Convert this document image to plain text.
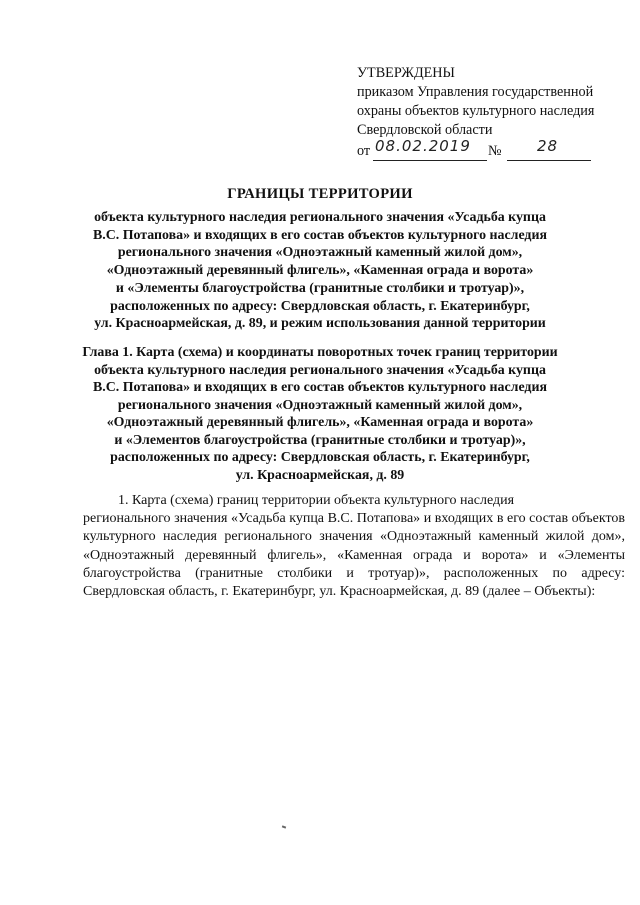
УТВЕРЖДЕНЫ
приказом Управления государственной
охраны объектов культурного наследия
Свердловской области
от 08.02.2019 № 28
ГРАНИЦЫ ТЕРРИТОРИИ
объекта культурного наследия регионального значения «Усадьба купца
В.С. Потапова» и входящих в его состав объектов культурного наследия
регионального значения «Одноэтажный каменный жилой дом»,
«Одноэтажный деревянный флигель», «Каменная ограда и ворота»
и «Элементы благоустройства (гранитные столбики и тротуар)»,
расположенных по адресу: Свердловская область, г. Екатеринбург,
ул. Красноармейская, д. 89, и режим использования данной территории
Глава 1. Карта (схема) и координаты поворотных точек границ территории
объекта культурного наследия регионального значения «Усадьба купца
В.С. Потапова» и входящих в его состав объектов культурного наследия
регионального значения «Одноэтажный каменный жилой дом»,
«Одноэтажный деревянный флигель», «Каменная ограда и ворота»
и «Элементов благоустройства (гранитные столбики и тротуар)»,
расположенных по адресу: Свердловская область, г. Екатеринбург,
ул. Красноармейская, д. 89
1. Карта (схема) границ территории объекта культурного наследия
регионального значения «Усадьба купца В.С. Потапова» и входящих в его состав объектов культурного наследия регионального значения «Одноэтажный каменный жилой дом», «Одноэтажный деревянный флигель», «Каменная ограда и ворота» и «Элементы благоустройства (гранитные столбики и тротуар)», расположенных по адресу: Свердловская область, г. Екатеринбург, ул. Красноармейская, д. 89 (далее – Объекты):
